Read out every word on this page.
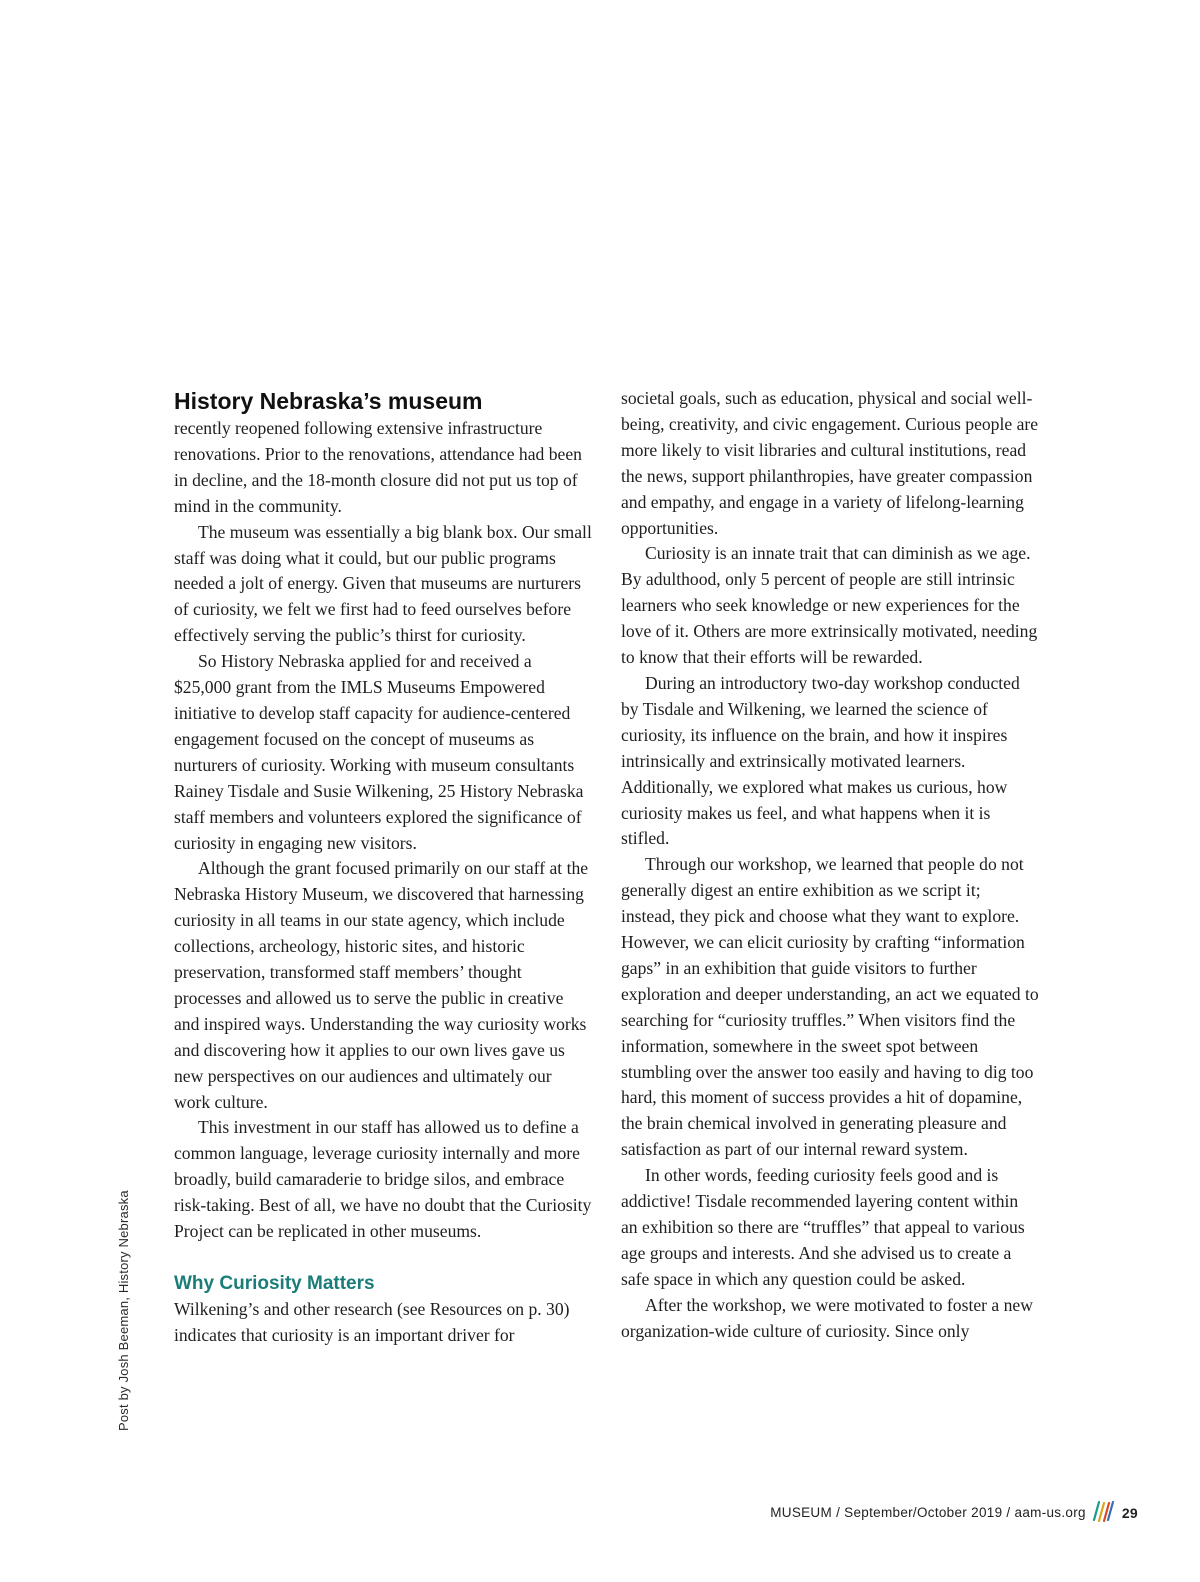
History Nebraska’s museum

recently reopened following extensive infrastructure renovations. Prior to the renovations, attendance had been in decline, and the 18-month closure did not put us top of mind in the community.

The museum was essentially a big blank box. Our small staff was doing what it could, but our public programs needed a jolt of energy. Given that museums are nurturers of curiosity, we felt we first had to feed ourselves before effectively serving the public’s thirst for curiosity.

So History Nebraska applied for and received a $25,000 grant from the IMLS Museums Empowered initiative to develop staff capacity for audience-centered engagement focused on the concept of museums as nurturers of curiosity. Working with museum consultants Rainey Tisdale and Susie Wilkening, 25 History Nebraska staff members and volunteers explored the significance of curiosity in engaging new visitors.

Although the grant focused primarily on our staff at the Nebraska History Museum, we discovered that harnessing curiosity in all teams in our state agency, which include collections, archeology, historic sites, and historic preservation, transformed staff members’ thought processes and allowed us to serve the public in creative and inspired ways. Understanding the way curiosity works and discovering how it applies to our own lives gave us new perspectives on our audiences and ultimately our work culture.

This investment in our staff has allowed us to define a common language, leverage curiosity internally and more broadly, build camaraderie to bridge silos, and embrace risk-taking. Best of all, we have no doubt that the Curiosity Project can be replicated in other museums.

Why Curiosity Matters

Wilkening’s and other research (see Resources on p. 30) indicates that curiosity is an important driver for

societal goals, such as education, physical and social well-being, creativity, and civic engagement. Curious people are more likely to visit libraries and cultural institutions, read the news, support philanthropies, have greater compassion and empathy, and engage in a variety of lifelong-learning opportunities.

Curiosity is an innate trait that can diminish as we age. By adulthood, only 5 percent of people are still intrinsic learners who seek knowledge or new experiences for the love of it. Others are more extrinsically motivated, needing to know that their efforts will be rewarded.

During an introductory two-day workshop conducted by Tisdale and Wilkening, we learned the science of curiosity, its influence on the brain, and how it inspires intrinsically and extrinsically motivated learners. Additionally, we explored what makes us curious, how curiosity makes us feel, and what happens when it is stifled.

Through our workshop, we learned that people do not generally digest an entire exhibition as we script it; instead, they pick and choose what they want to explore. However, we can elicit curiosity by crafting “information gaps” in an exhibition that guide visitors to further exploration and deeper understanding, an act we equated to searching for “curiosity truffles.” When visitors find the information, somewhere in the sweet spot between stumbling over the answer too easily and having to dig too hard, this moment of success provides a hit of dopamine, the brain chemical involved in generating pleasure and satisfaction as part of our internal reward system.

In other words, feeding curiosity feels good and is addictive! Tisdale recommended layering content within an exhibition so there are “truffles” that appeal to various age groups and interests. And she advised us to create a safe space in which any question could be asked.

After the workshop, we were motivated to foster a new organization-wide culture of curiosity. Since only

Post by Josh Beeman, History Nebraska
MUSEUM / September/October 2019 / aam-us.org	29
